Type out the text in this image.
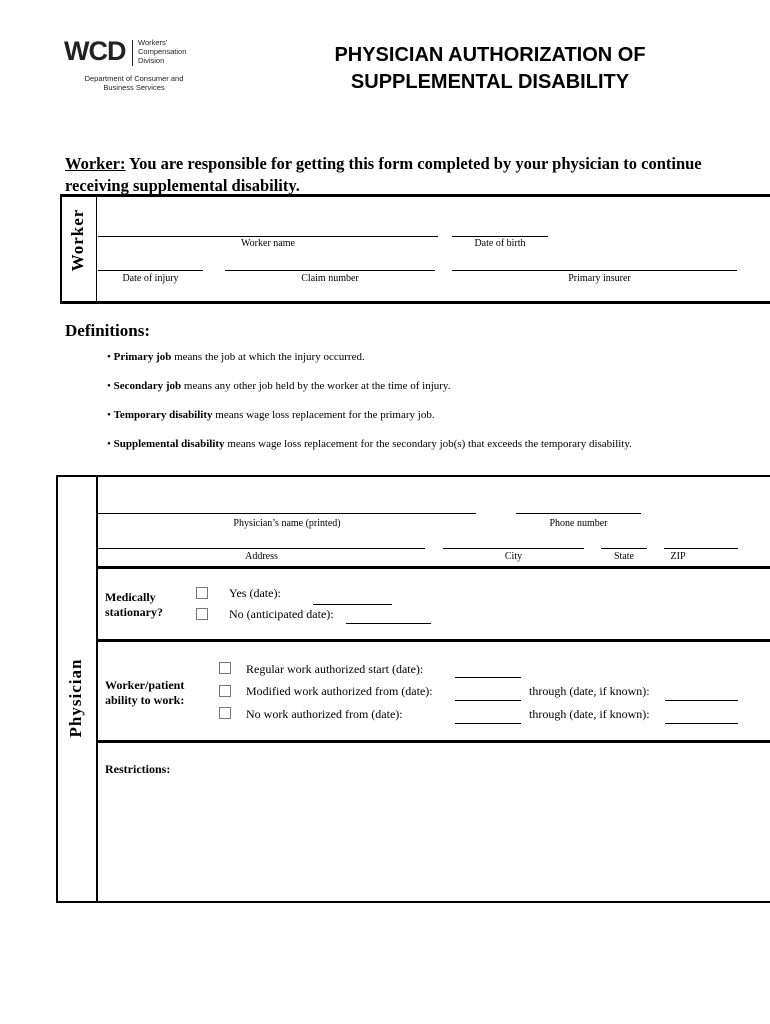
WCD Workers' Compensation Division
Department of Consumer and Business Services
PHYSICIAN AUTHORIZATION OF
SUPPLEMENTAL DISABILITY
Worker: You are responsible for getting this form completed by your physician to continue receiving supplemental disability.
Worker	Worker name	Date of birth
Date of injury	Claim number	Primary insurer
Definitions:
• Primary job means the job at which the injury occurred.
• Secondary job means any other job held by the worker at the time of injury.
• Temporary disability means wage loss replacement for the primary job.
• Supplemental disability means wage loss replacement for the secondary job(s) that exceeds the temporary disability.
Physician
Physician’s name (printed)	Phone number
Address	City	State	ZIP
Medically
stationary?
Yes (date):
No (anticipated date):
Worker/patient
ability to work:
Regular work authorized start (date):
Modified work authorized from (date):	through (date, if known):
No work authorized from (date):	through (date, if known):
Restrictions:
